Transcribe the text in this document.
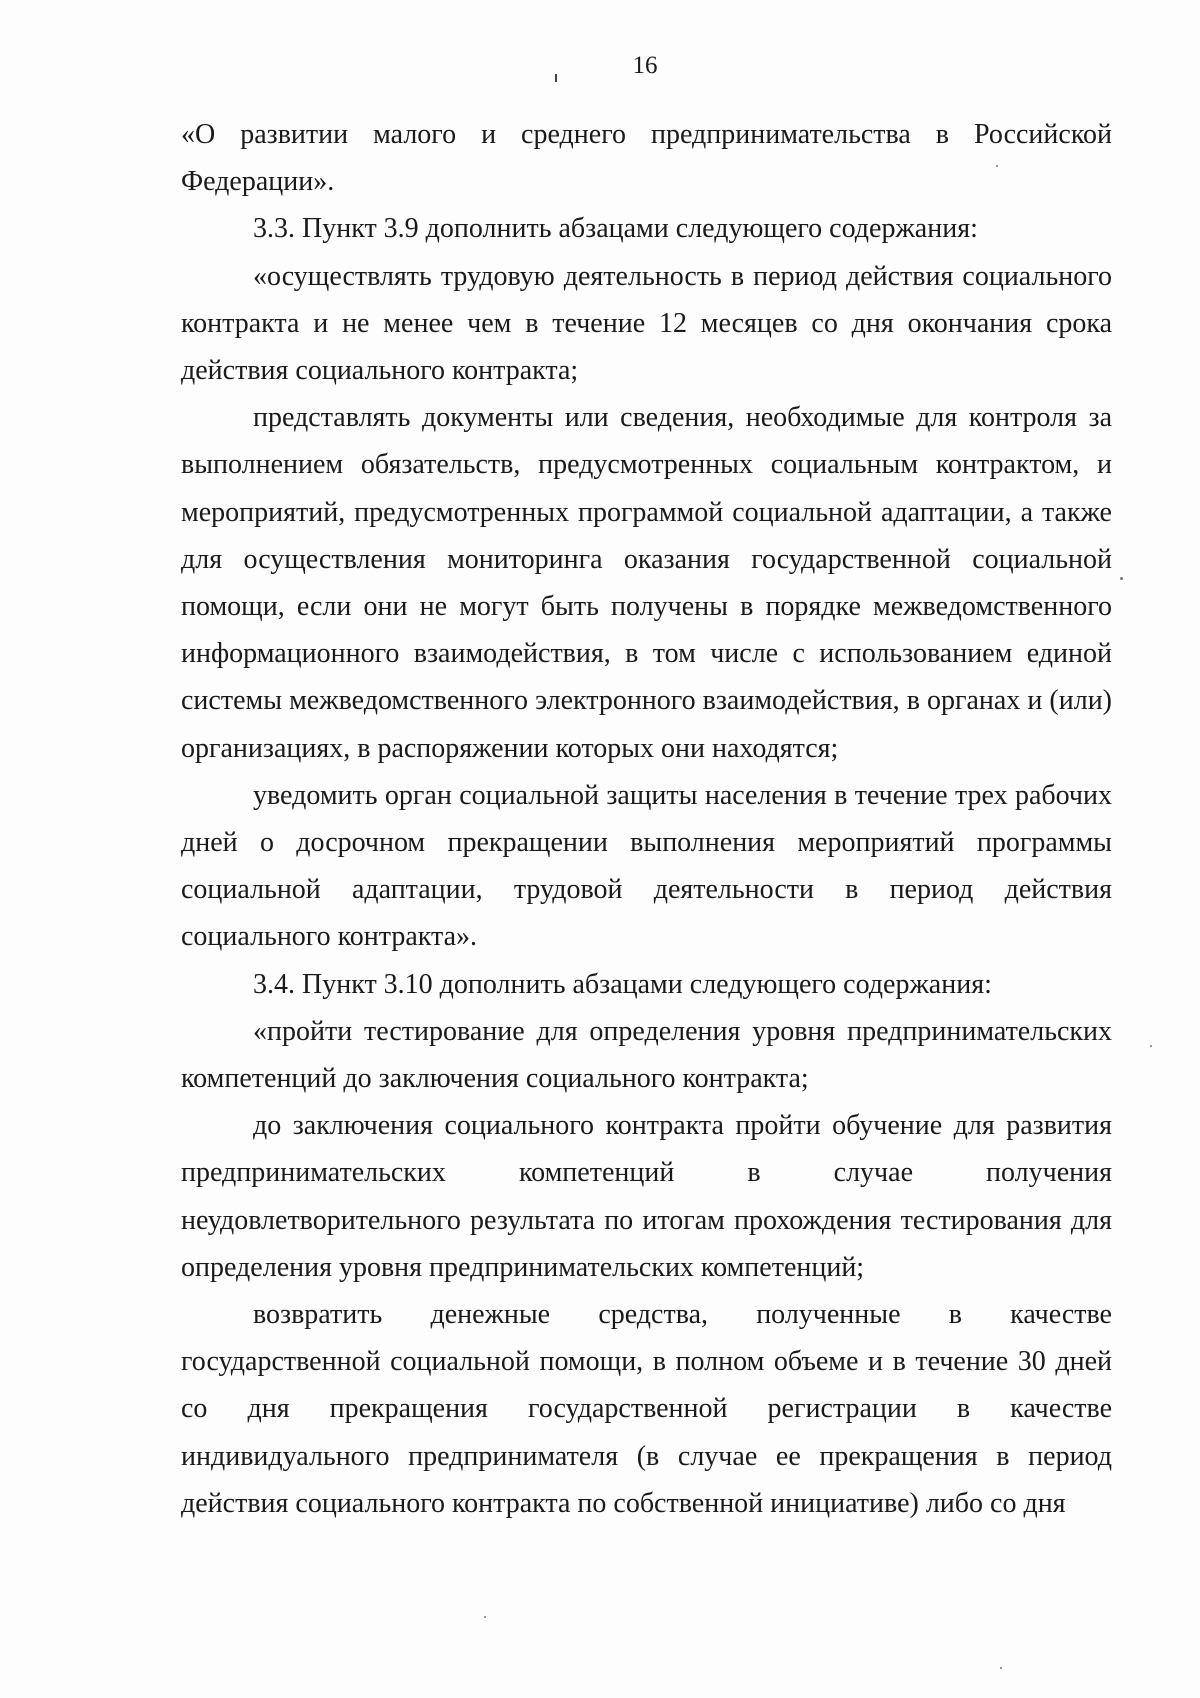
16

«О развитии малого и среднего предпринимательства в Российской Федерации».

3.3. Пункт 3.9 дополнить абзацами следующего содержания:

«осуществлять трудовую деятельность в период действия социального контракта и не менее чем в течение 12 месяцев со дня окончания срока действия социального контракта;

представлять документы или сведения, необходимые для контроля за выполнением обязательств, предусмотренных социальным контрактом, и мероприятий, предусмотренных программой социальной адаптации, а также для осуществления мониторинга оказания государственной социальной помощи, если они не могут быть получены в порядке межведомственного информационного взаимодействия, в том числе с использованием единой системы межведомственного электронного взаимодействия, в органах и (или) организациях, в распоряжении которых они находятся;

уведомить орган социальной защиты населения в течение трех рабочих дней о досрочном прекращении выполнения мероприятий программы социальной адаптации, трудовой деятельности в период действия социального контракта».

3.4. Пункт 3.10 дополнить абзацами следующего содержания:

«пройти тестирование для определения уровня предпринимательских компетенций до заключения социального контракта;

до заключения социального контракта пройти обучение для развития предпринимательских компетенций в случае получения неудовлетворительного результата по итогам прохождения тестирования для определения уровня предпринимательских компетенций;

возвратить денежные средства, полученные в качестве государственной социальной помощи, в полном объеме и в течение 30 дней со дня прекращения государственной регистрации в качестве индивидуального предпринимателя (в случае ее прекращения в период действия социального контракта по собственной инициативе) либо со дня
